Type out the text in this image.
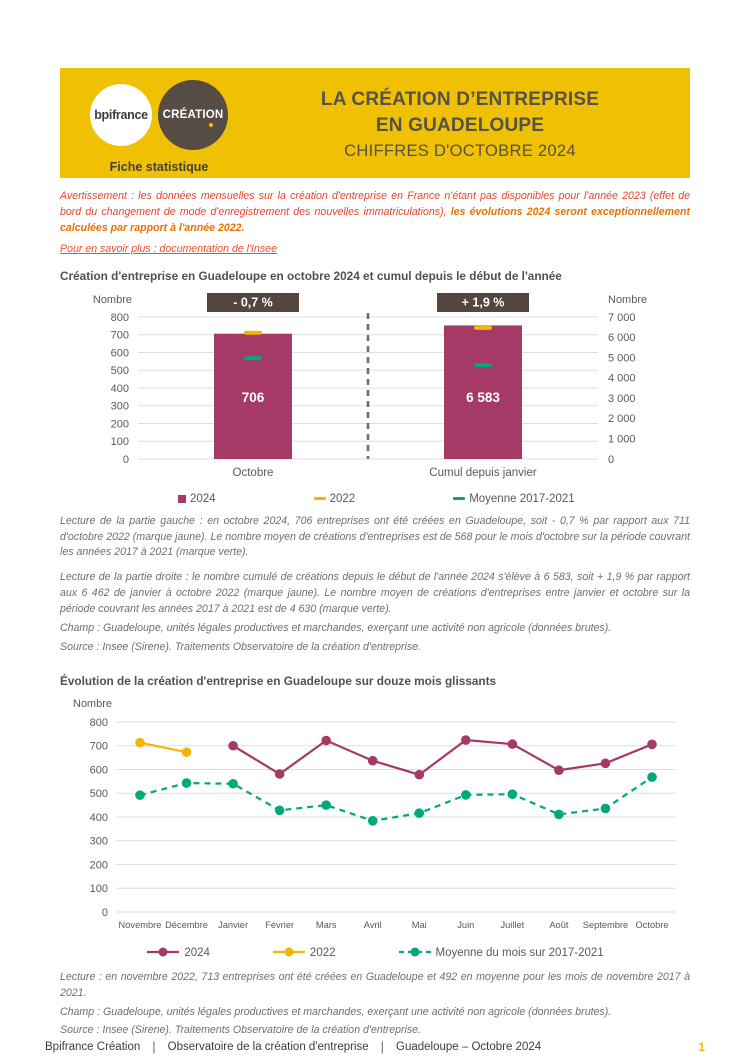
bpifrance CRÉATION
Fiche statistique
LA CRÉATION D’ENTREPRISE
EN GUADELOUPE
CHIFFRES D'OCTOBRE 2024

Avertissement : les données mensuelles sur la création d'entreprise en France n'étant pas disponibles pour l'année 2023 (effet de bord du changement de mode d'enregistrement des nouvelles immatriculations), les évolutions 2024 seront exceptionnellement calculées par rapport à l'année 2022.

Pour en savoir plus : documentation de l'Insee
Création d'entreprise en Guadeloupe en octobre 2024 et cumul depuis le début de l'année
0
100
200
300
400
500
600
700
800
0
1 000
2 000
3 000
4 000
5 000
6 000
7 000
Nombre	Nombre
- 0,7 %
706
Octobre
+ 1,9 %
6 583
Cumul depuis janvier
2024	2022	Moyenne 2017-2021

Lecture de la partie gauche : en octobre 2024, 706 entreprises ont été créées en Guadeloupe, soit - 0,7 % par rapport aux 711 d'octobre 2022 (marque jaune). Le nombre moyen de créations d'entreprises est de 568 pour le mois d'octobre sur la période couvrant les années 2017 à 2021 (marque verte).

Lecture de la partie droite : le nombre cumulé de créations depuis le début de l'année 2024 s'élève à 6 583, soit + 1,9 % par rapport aux 6 462 de janvier à octobre 2022 (marque jaune). Le nombre moyen de créations d'entreprises entre janvier et octobre sur la période couvrant les années 2017 à 2021 est de 4 630 (marque verte).

Champ : Guadeloupe, unités légales productives et marchandes, exerçant une activité non agricole (données brutes).

Source : Insee (Sirene). Traitements Observatoire de la création d'entreprise.

Évolution de la création d'entreprise en Guadeloupe sur douze mois glissants
0
100
200
300
400
500
600
700
800
Nombre
Novembre Décembre Janvier Février Mars	Avril	Mai	Juin	Juillet	Août Septembre Octobre
2024	2022	Moyenne du mois sur 2017-2021

Lecture : en novembre 2022, 713 entreprises ont été créées en Guadeloupe et 492 en moyenne pour les mois de novembre 2017 à 2021.

Champ : Guadeloupe, unités légales productives et marchandes, exerçant une activité non agricole (données brutes).

Source : Insee (Sirene). Traitements Observatoire de la création d'entreprise.

Bpifrance Création | Observatoire de la création d'entreprise | Guadeloupe – Octobre 2024	1
